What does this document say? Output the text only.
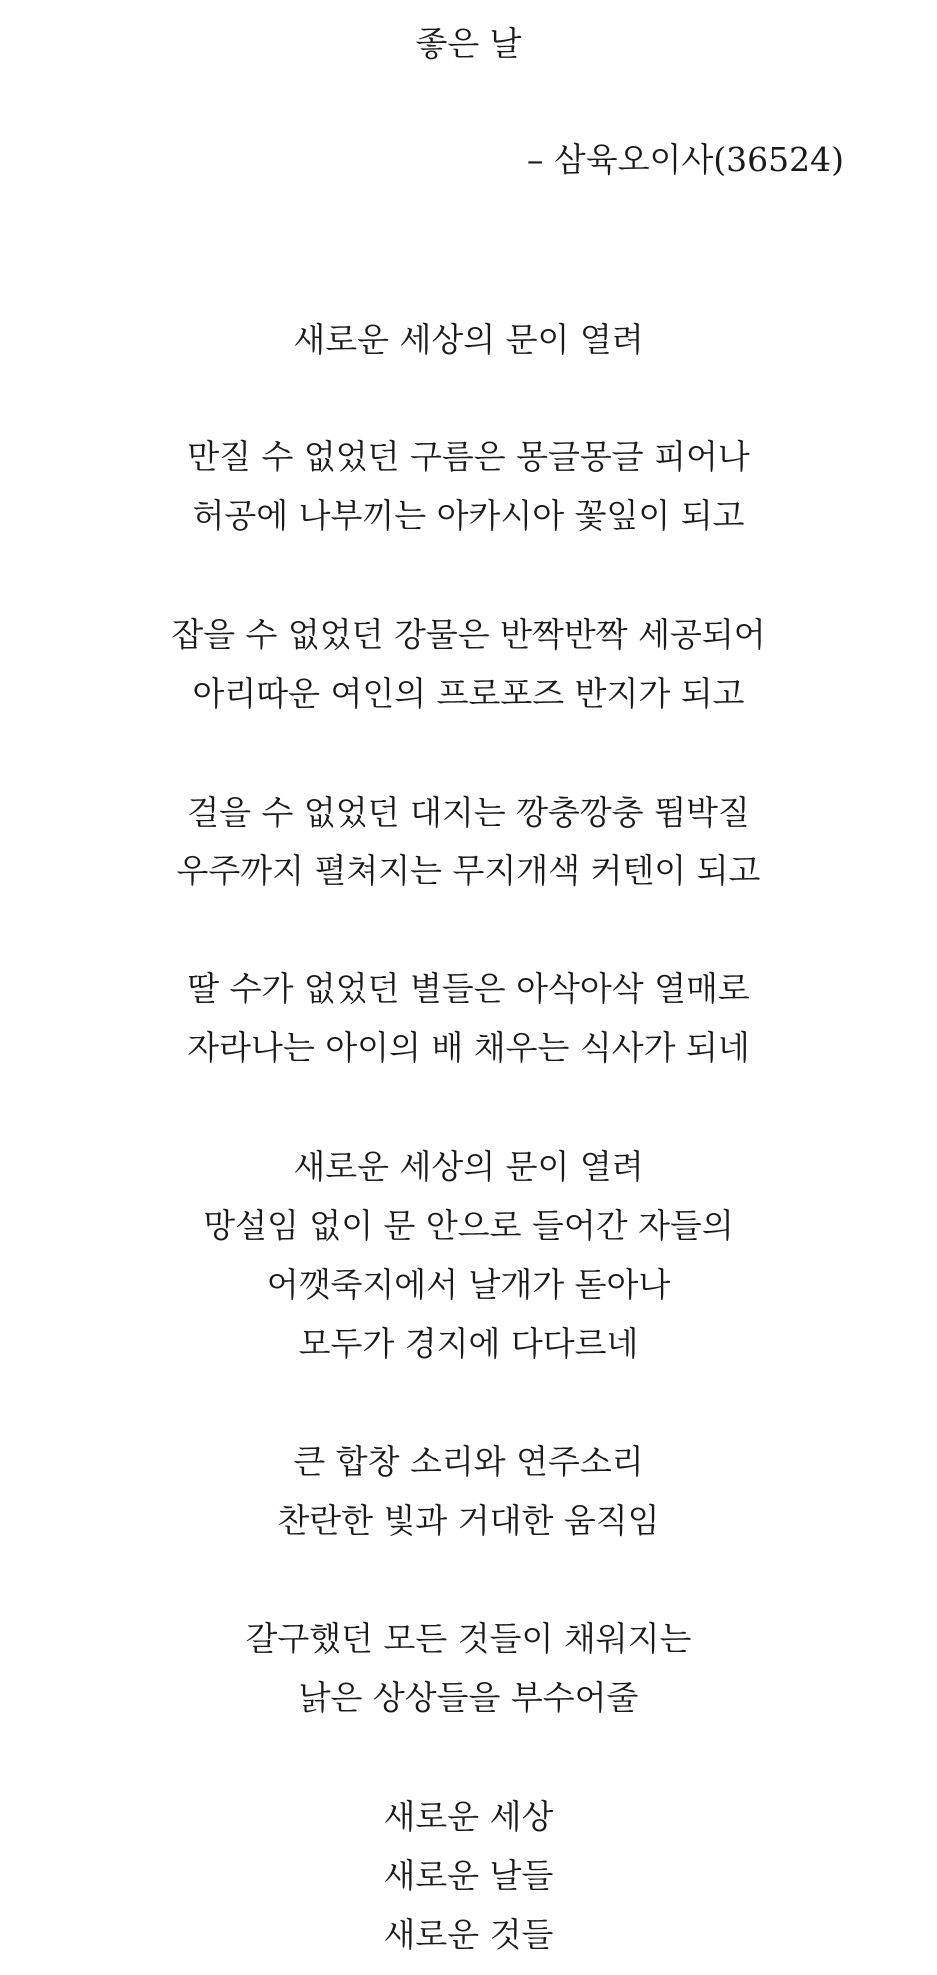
좋은 날
– 삼육오이사(36524)
새로운 세상의 문이 열려
만질 수 없었던 구름은 몽글몽글 피어나
허공에 나부끼는 아카시아 꽃잎이 되고
잡을 수 없었던 강물은 반짝반짝 세공되어
아리따운 여인의 프로포즈 반지가 되고
걸을 수 없었던 대지는 깡충깡충 뜀박질
우주까지 펼쳐지는 무지개색 커텐이 되고
딸 수가 없었던 별들은 아삭아삭 열매로
자라나는 아이의 배 채우는 식사가 되네
새로운 세상의 문이 열려
망설임 없이 문 안으로 들어간 자들의
어깻죽지에서 날개가 돋아나
모두가 경지에 다다르네
큰 합창 소리와 연주소리
찬란한 빛과 거대한 움직임
갈구했던 모든 것들이 채워지는
낡은 상상들을 부수어줄
새로운 세상
새로운 날들
새로운 것들
